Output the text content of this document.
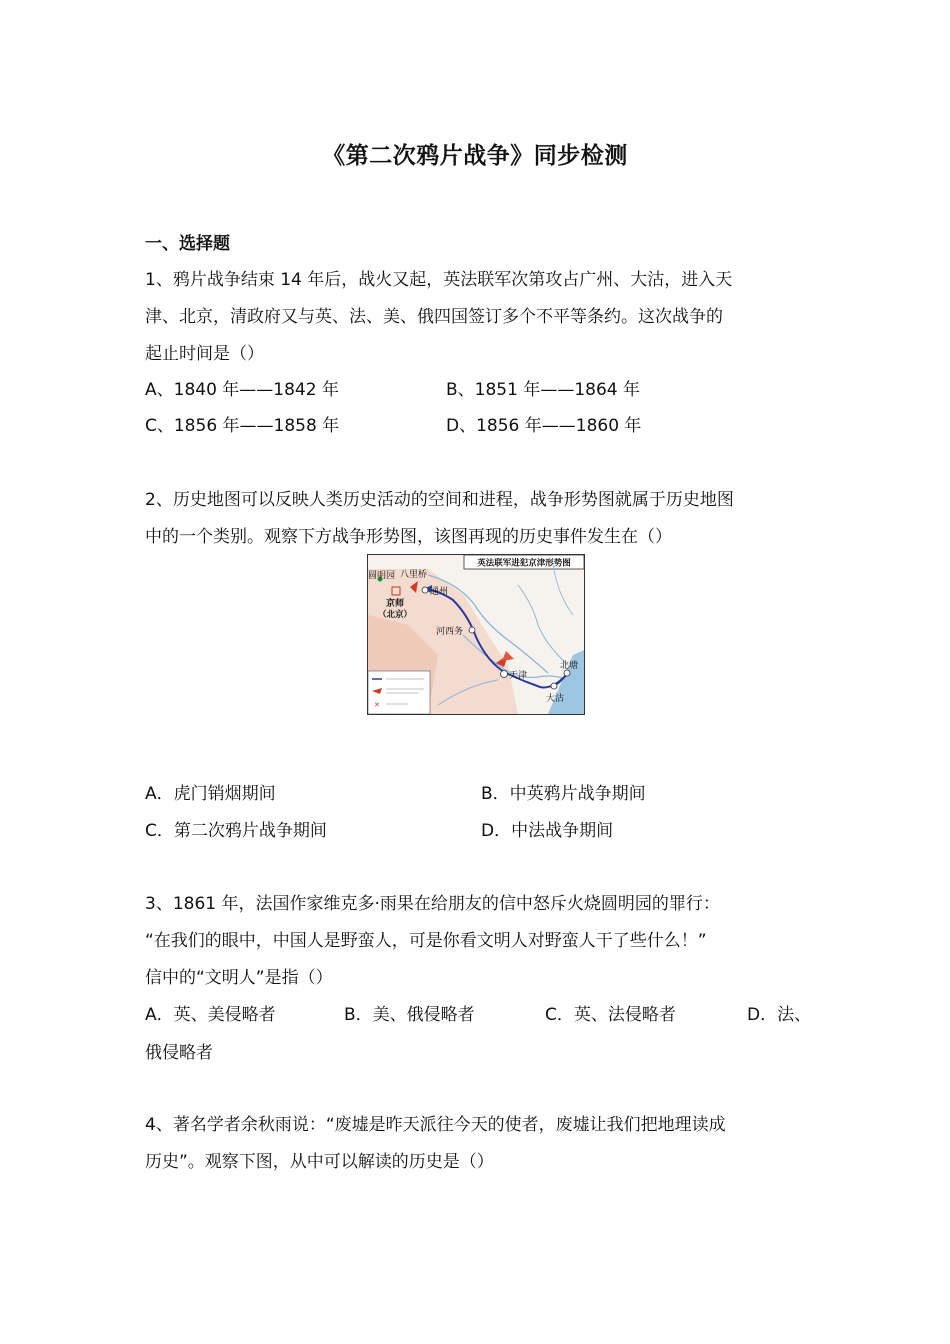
《第二次鸦片战争》同步检测
一、选择题
1、鸦片战争结束 14 年后，战火又起，英法联军次第攻占广州、大沽，进入天
津、北京，清政府又与英、法、美、俄四国签订多个不平等条约。这次战争的
起止时间是（）
A、1840 年——1842 年	B、1851 年——1864 年
C、1856 年——1858 年	D、1856 年——1860 年
2、历史地图可以反映人类历史活动的空间和进程，战争形势图就属于历史地图
中的一个类别。观察下方战争形势图，该图再现的历史事件发生在（）
英法联军进犯京津形势图
✕
圆明园 八里桥
通州
京师
（北京）
河西务
天津
北塘
大沽
A．虎门销烟期间	B．中英鸦片战争期间
C．第二次鸦片战争期间	D．中法战争期间
3、1861 年，法国作家维克多·雨果在给朋友的信中怒斥火烧圆明园的罪行：
“在我们的眼中，中国人是野蛮人，可是你看文明人对野蛮人干了些什么！”
信中的“文明人”是指（）
A．英、美侵略者	B．美、俄侵略者	C．英、法侵略者	D．法、
俄侵略者
4、著名学者余秋雨说：“废墟是昨天派往今天的使者，废墟让我们把地理读成
历史”。观察下图，从中可以解读的历史是（）
